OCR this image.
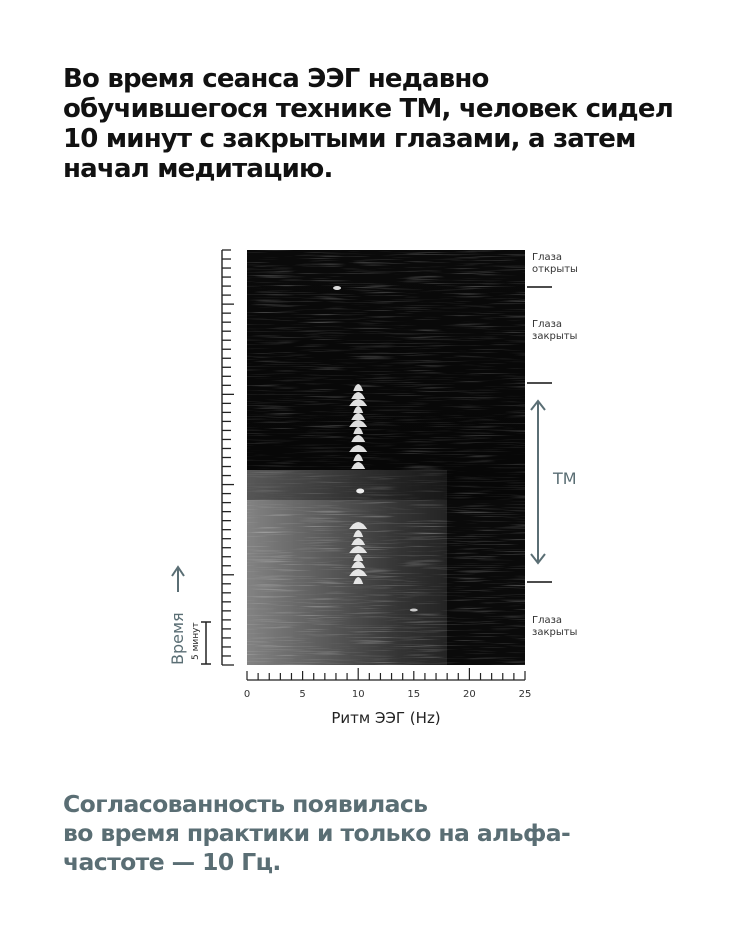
Во время сеанса ЭЭГ недавно
обучившегося технике ТМ, человек сидел
10 минут с закрытыми глазами, а затем
начал медитацию.
0	5	10	15	20	25
Глаза
открыты
Глаза
закрыты
ТМ
Глаза
закрыты
Ритм ЭЭГ (Hz)
Время 5 минут
Согласованность появилась
во время практики и только на альфа-
частоте — 10 Гц.
